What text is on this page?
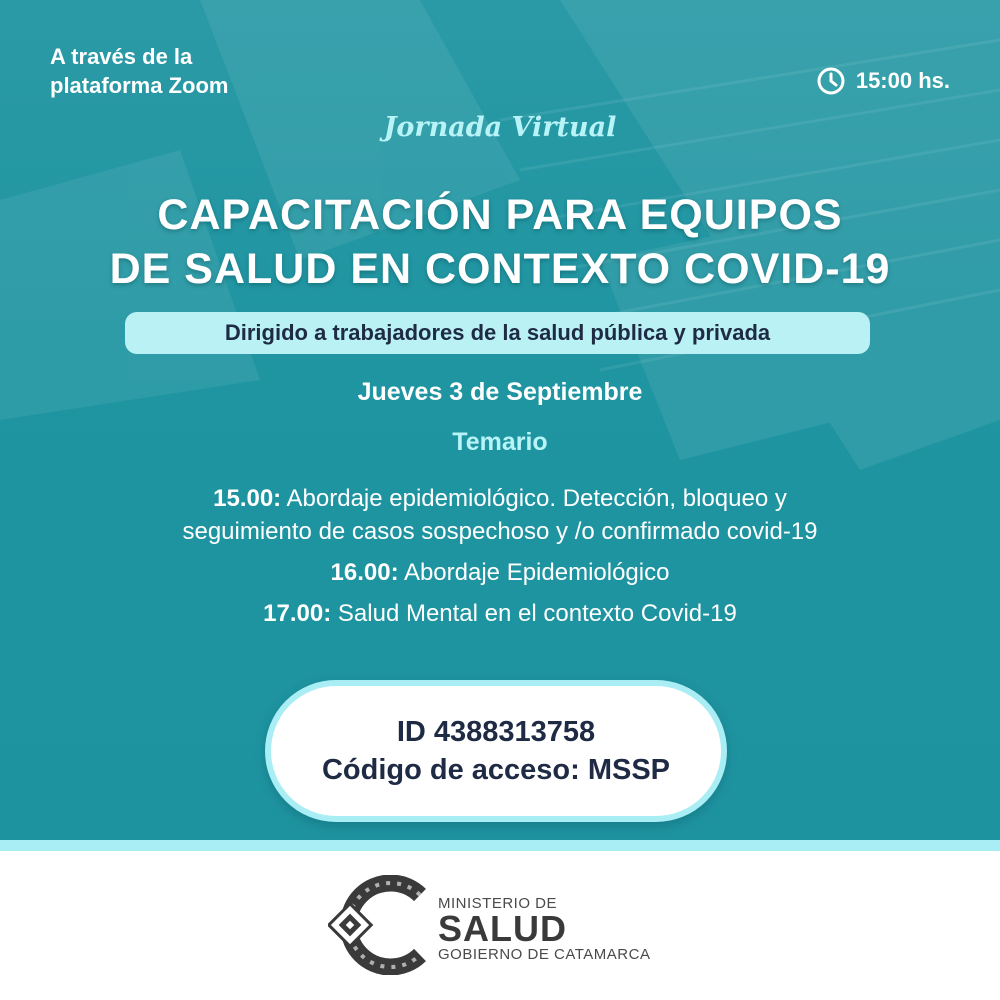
A través de la
plataforma Zoom	15:00 hs.
Jornada Virtual
CAPACITACIÓN PARA EQUIPOS
DE SALUD EN CONTEXTO COVID-19
Dirigido a trabajadores de la salud pública y privada
Jueves 3 de Septiembre
Temario

15.00: Abordaje epidemiológico. Detección, bloqueo y

seguimiento de casos sospechoso y /o confirmado covid-19

16.00: Abordaje Epidemiológico

17.00: Salud Mental en el contexto Covid-19

ID 4388313758
Código de acceso: MSSP
MINISTERIO DE
SALUD
GOBIERNO DE CATAMARCA
